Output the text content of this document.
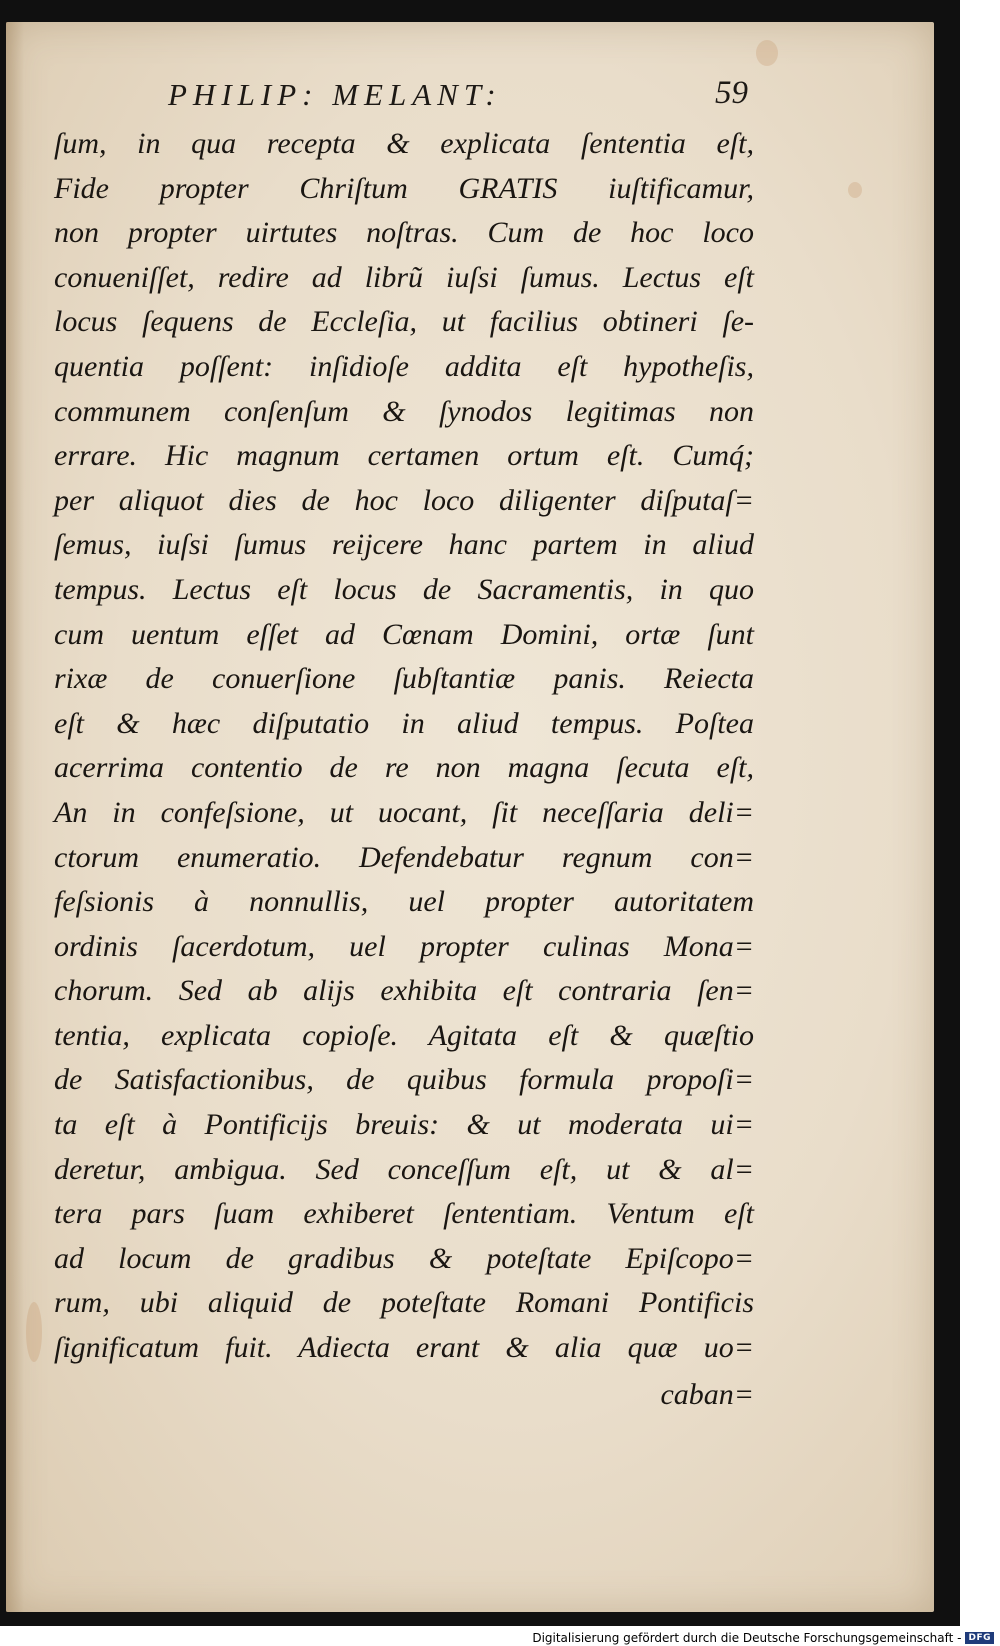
PHILIP: MELANT:	59
ſum, in qua recepta & explicata ſententia eſt,
Fide propter Chriſtum GRATIS iuſtificamur,
non propter uirtutes noſtras. Cum de hoc loco
conueniſſet, redire ad librũ iuſsi ſumus. Lectus eſt
locus ſequens de Eccleſia, ut facilius obtineri ſe-
quentia poſſent: inſidioſe addita eſt hypotheſis,
communem conſenſum & ſynodos legitimas non
errare. Hic magnum certamen ortum eſt. Cumq́;
per aliquot dies de hoc loco diligenter diſputaſ=
ſemus, iuſsi ſumus reijcere hanc partem in aliud
tempus. Lectus eſt locus de Sacramentis, in quo
cum uentum eſſet ad Cœnam Domini, ortæ ſunt
rixæ de conuerſione ſubſtantiæ panis. Reiecta
eſt & hæc diſputatio in aliud tempus. Poſtea
acerrima contentio de re non magna ſecuta eſt,
An in confeſsione, ut uocant, ſit neceſſaria deli=
ctorum enumeratio. Defendebatur regnum con=
feſsionis à nonnullis, uel propter autoritatem
ordinis ſacerdotum, uel propter culinas Mona=
chorum. Sed ab alijs exhibita eſt contraria ſen=
tentia, explicata copioſe. Agitata eſt & quæſtio
de Satisfactionibus, de quibus formula propoſi=
ta eſt à Pontificijs breuis: & ut moderata ui=
deretur, ambigua. Sed conceſſum eſt, ut & al=
tera pars ſuam exhiberet ſententiam. Ventum eſt
ad locum de gradibus & poteſtate Epiſcopo=
rum, ubi aliquid de poteſtate Romani Pontificis
ſignificatum fuit. Adiecta erant & alia quæ uo=
caban=
Digitalisierung gefördert durch die Deutsche Forschungsgemeinschaft - DFG
